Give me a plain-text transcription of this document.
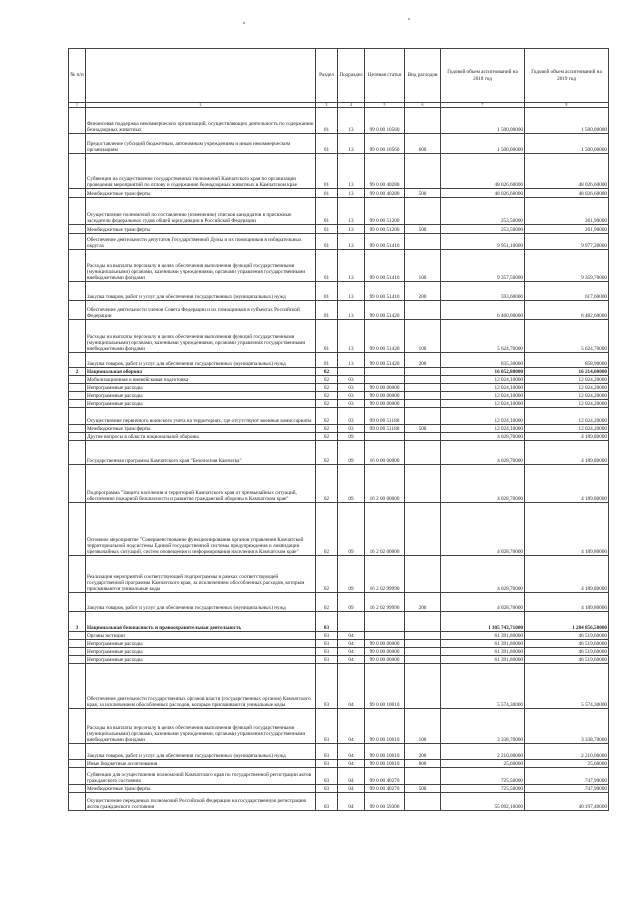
№ п/п		Раздел	Подраздел	Целевая статья	Вид расходов	Годовой объем ассигнований на 2018 год	Годовой объем ассигнований на 2019 год
1	2	3	4	5	6	7	8
	Финансовая поддержка некоммерческих организаций, осуществляющих деятельность по содержанию безнадзорных животных	01	13	99 0 00 10560		1 500,00000	1 500,00000
	Предоставление субсидий бюджетным, автономным учреждениям и иным некоммерческим организациям	01	13	99 0 00 10560	600	1 500,00000	1 500,00000
	Субвенции на осуществление государственных полномочий Камчатского края по организации проведения мероприятий по отлову и содержанию безнадзорных животных в Камчатском крае	01	13	99 0 00 40280		48 026,60000	48 026,60000
	Межбюджетные трансферты	01	13	99 0 00 40280	500	48 026,60000	48 026,60000
	Осуществление полномочий по составлению (изменению) списков кандидатов в присяжные заседатели федеральных судов общей юрисдикции в Российской Федерации	01	13	99 0 00 51200		253,50000	261,90000
	Межбюджетные трансферты	01	13	99 0 00 51200	500	253,50000	261,90000
	Обеспечение деятельности депутатов Государственной Думы и их помощников в избирательных округах	01	13	99 0 00 51410		9 951,10000	9 977,20000
	Расходы на выплаты персоналу в целях обеспечения выполнения функций государственными (муниципальными) органами, казенными учреждениями, органами управления государственными внебюджетными фондами	01	13	99 0 00 51410	100	9 357,50000	9 359,70000
	Закупка товаров, работ и услуг для обеспечения государственных (муниципальных) нужд	01	13	99 0 00 51410	200	593,60000	617,60000
	Обеспечение деятельности членов Совета Федерации и их помощников в субъектах Российской Федерации	01	13	99 0 00 51420		6 460,00000	6 482,60000
	Расходы на выплаты персоналу в целях обеспечения выполнения функций государственными (муниципальными) органами, казенными учреждениями, органами управления государственными внебюджетными фондами	01	13	99 0 00 51420	100	5 624,70000	5 624,70000
	Закупка товаров, работ и услуг для обеспечения государственных (муниципальных) нужд	01	13	99 0 00 51420	200	835,30000	858,90000
2	Национальная оборона	02				16 052,80000	16 214,00000
	Мобилизационная и вневойсковая подготовка	02	03			12 024,10000	12 024,20000
	Непрограммные расходы	02	03	99 0 00 00000		12 024,10000	12 024,20000
	Непрограммные расходы	02	03	99 0 00 00000		12 024,10000	12 024,20000
	Непрограммные расходы	02	03	99 0 00 00000		12 024,10000	12 024,20000
	Осуществление первичного воинского учета на территориях, где отсутствуют военные комиссариаты	02	03	99 0 00 51180		12 024,10000	12 024,20000
	Межбюджетные трансферты	02	03	99 0 00 51180	500	12 024,10000	12 024,20000
	Другие вопросы в области национальной обороны	02	09			4 028,70000	4 189,80000
	Государственная программа Камчатского края "Безопасная Камчатка"	02	09	16 0 00 00000		4 028,70000	4 189,80000
	Подпрограмма "Защита населения и территорий Камчатского края от чрезвычайных ситуаций, обеспечение пожарной безопасности и развитие гражданской обороны в Камчатском крае"	02	09	16 2 00 00000		4 028,70000	4 189,80000
	Основное мероприятие "Совершенствование функционирования органов управления Камчатской территориальной подсистемы Единой государственной системы предупреждения и ликвидации чрезвычайных ситуаций, систем оповещения и информирования населения в Камчатском крае"	02	09	16 2 02 00000		4 028,70000	4 189,80000
	Реализация мероприятий соответствующей подпрограммы в рамках соответствующей государственной программы Камчатского края, за исключением обособленных расходов, которым присваиваются уникальные коды	02	09	16 2 02 99990		4 028,70000	4 189,80000
	Закупка товаров, работ и услуг для обеспечения государственных (муниципальных) нужд	02	09	16 2 02 99990	200	4 028,70000	4 189,80000
3	Национальная безопасность и правоохранительная деятельность	03				1 305 743,71000	1 284 856,58000
	Органы юстиции	03	04			61 391,80000	46 519,60000
	Непрограммные расходы	03	04	99 0 00 00000		61 391,80000	46 519,60000
	Непрограммные расходы	03	04	99 0 00 00000		61 391,80000	46 519,60000
	Непрограммные расходы	03	04	99 0 00 00000		61 391,80000	46 519,60000
	Обеспечение деятельности государственных органов власти (государственных органов) Камчатского края, за исключением обособленных расходов, которым присваиваются уникальные коды	03	04	99 0 00 10010		5 574,30000	5 574,30000
	Расходы на выплаты персоналу в целях обеспечения выполнения функций государственными (муниципальными) органами, казенными учреждениями, органами управления государственными внебюджетными фондами	03	04	99 0 00 10010	100	3 338,70000	3 338,70000
	Закупка товаров, работ и услуг для обеспечения государственных (муниципальных) нужд	03	04	99 0 00 10010	200	2 210,00000	2 210,00000
	Иные бюджетные ассигнования	03	04	99 0 00 10010	800	25,60000	25,60000
	Субвенции для осуществления полномочий Камчатского края по государственной регистрации актов гражданского состояния	03	04	99 0 00 40270		725,50000	747,90000
	Межбюджетные трансферты	03	04	99 0 00 40270	500	725,50000	747,90000
	Осуществление переданных полномочий Российской Федерации на государственную регистрацию актов гражданского состояния	03	04	99 0 00 59300		55 092,10000	40 197,40000
